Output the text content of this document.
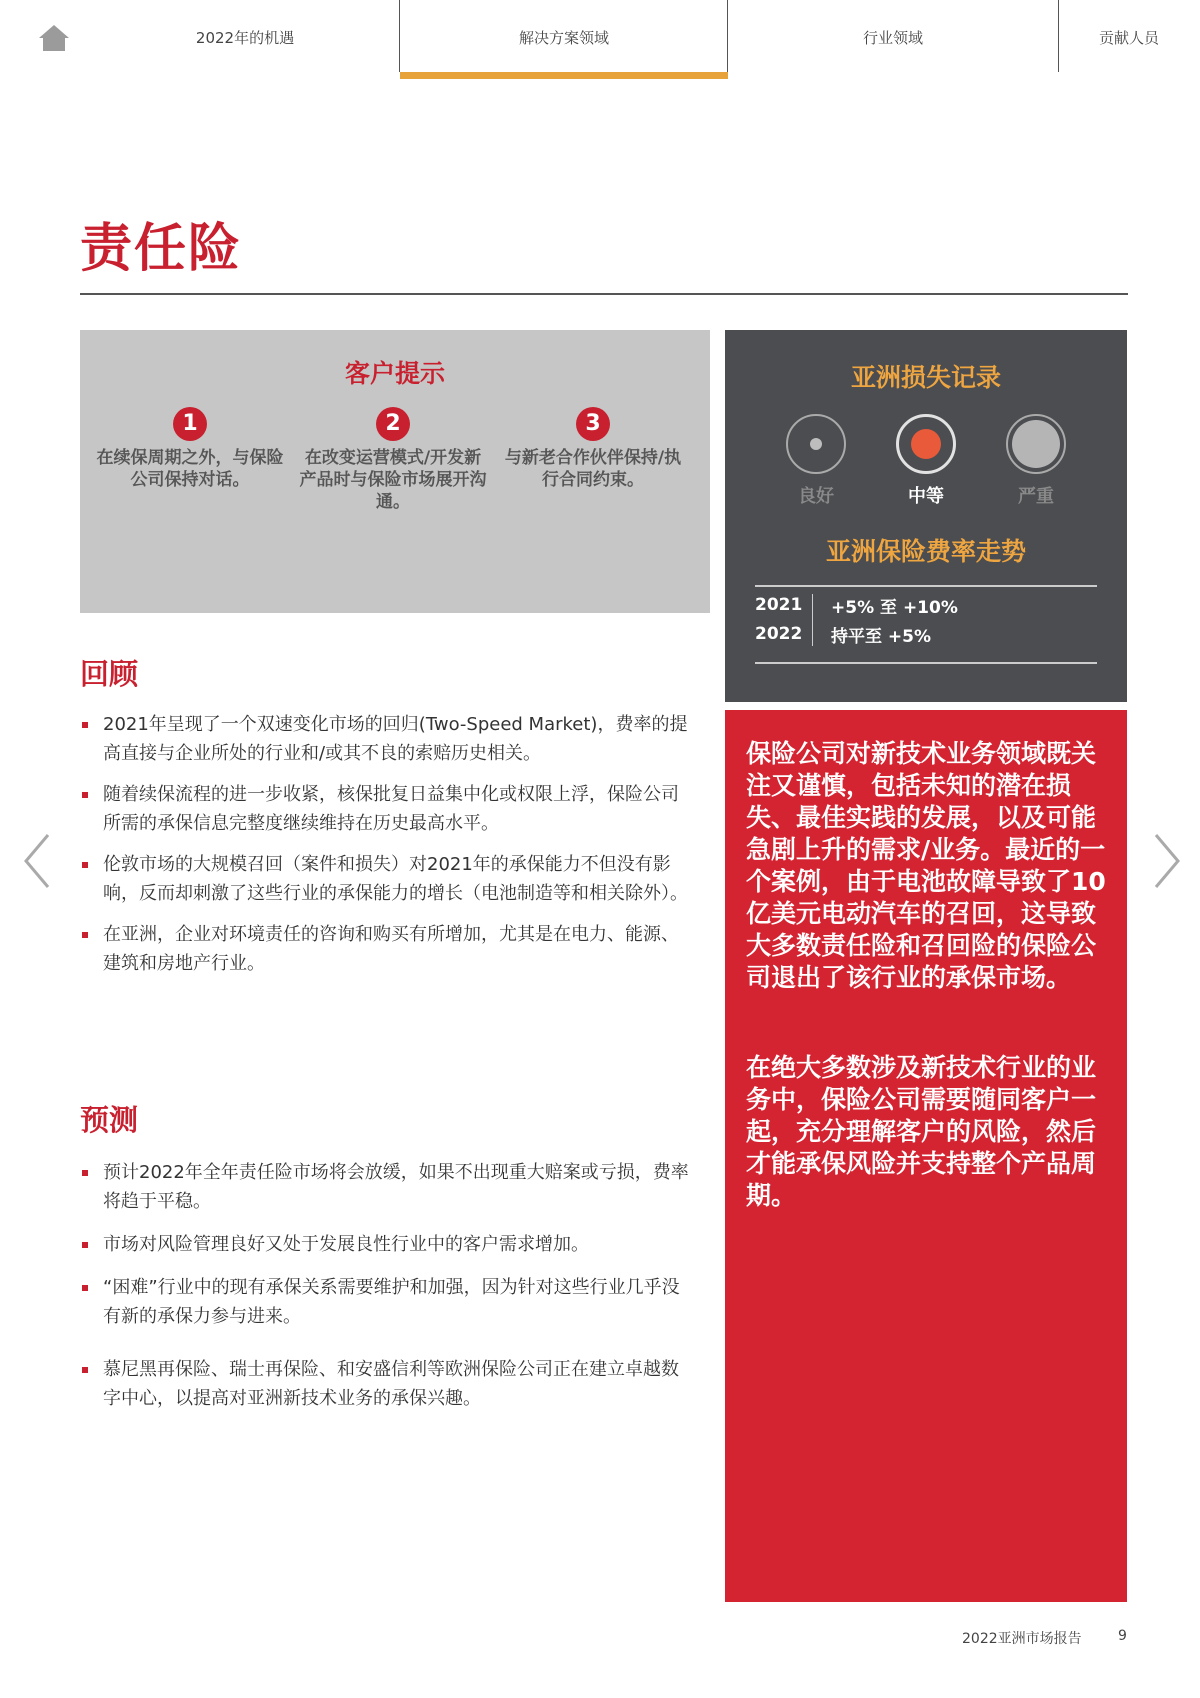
2022年的机遇	解决方案领域	行业领域	贡献人员
责任险
客户提示
1
在续保周期之外，与保险公司保持对话。
2
在改变运营模式/开发新产品时与保险市场展开沟通。
3
与新老合作伙伴保持/执行合同约束。
亚洲损失记录
良好	中等	严重
亚洲保险费率走势
2021	+5% 至 +10%
2022	持平至 +5%

保险公司对新技术业务领域既关注又谨慎，包括未知的潜在损失、最佳实践的发展，以及可能急剧上升的需求/业务。最近的一个案例，由于电池故障导致了10亿美元电动汽车的召回，这导致大多数责任险和召回险的保险公司退出了该行业的承保市场。

在绝大多数涉及新技术行业的业务中，保险公司需要随同客户一起，充分理解客户的风险，然后才能承保风险并支持整个产品周期。

回顾
2021年呈现了一个双速变化市场的回归(Two-Speed Market)，费率的提高直接与企业所处的行业和/或其不良的索赔历史相关。
随着续保流程的进一步收紧，核保批复日益集中化或权限上浮，保险公司所需的承保信息完整度继续维持在历史最高水平。
伦敦市场的大规模召回（案件和损失）对2021年的承保能力不但没有影响，反而却刺激了这些行业的承保能力的增长（电池制造等和相关除外）。
在亚洲，企业对环境责任的咨询和购买有所增加，尤其是在电力、能源、建筑和房地产行业。
预测
预计2022年全年责任险市场将会放缓，如果不出现重大赔案或亏损，费率将趋于平稳。
市场对风险管理良好又处于发展良性行业中的客户需求增加。
“困难”行业中的现有承保关系需要维护和加强，因为针对这些行业几乎没有新的承保力参与进来。
慕尼黑再保险、瑞士再保险、和安盛信利等欧洲保险公司正在建立卓越数字中心，以提高对亚洲新技术业务的承保兴趣。
2022亚洲市场报告	9
